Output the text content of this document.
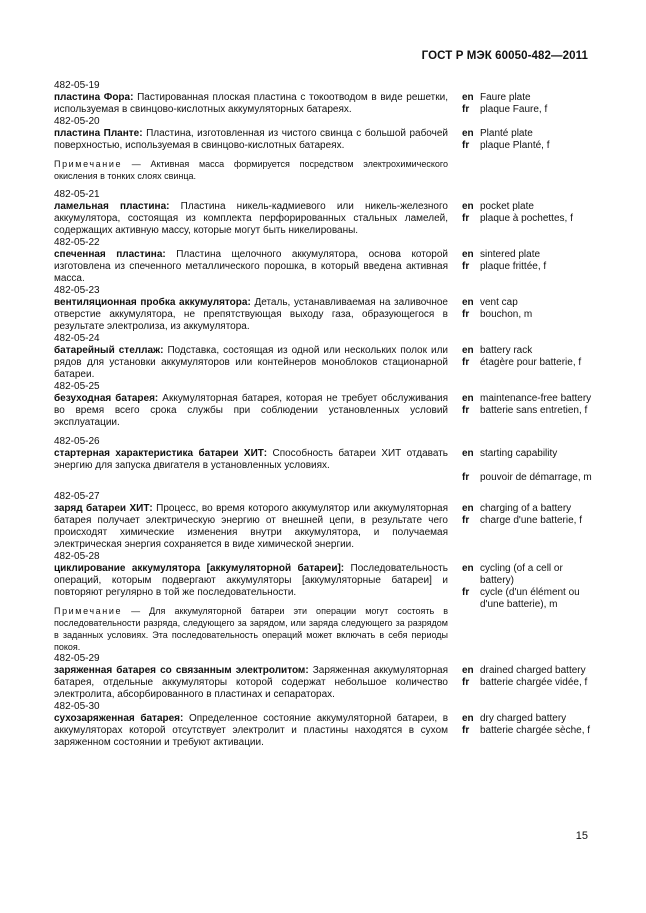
ГОСТ Р МЭК 60050-482—2011
482-05-19
пластина Фора: Пастированная плоская пластина с токоотводом в виде решетки, используемая в свинцово-кислотных аккумуляторных батареях.
en Faure plate
fr	plaque Faure, f
482-05-20
пластина Планте: Пластина, изготовленная из чистого свинца с большой рабочей поверхностью, используемая в свинцово-кислотных батареях.
Примечание — Активная масса формируется посредством электрохимического окисления в тонких слоях свинца.
en Planté plate
fr	plaque Planté, f
482-05-21
ламельная пластина: Пластина никель-кадмиевого или никель-железного аккумулятора, состоящая из комплекта перфорированных стальных ламелей, содержащих активную массу, которые могут быть никелированы.
en pocket plate
fr	plaque à pochettes, f
482-05-22
спеченная пластина: Пластина щелочного аккумулятора, основа которой изготовлена из спеченного металлического порошка, в который введена активная масса.
en sintered plate
fr	plaque frittée, f
482-05-23
вентиляционная пробка аккумулятора: Деталь, устанавливаемая на заливочное отверстие аккумулятора, не препятствующая выходу газа, образующегося в результате электролиза, из аккумулятора.
en vent cap
fr	bouchon, m
482-05-24
батарейный стеллаж: Подставка, состоящая из одной или нескольких полок или рядов для установки аккумуляторов или контейнеров моноблоков стационарной батареи.
en battery rack
fr	étagère pour batterie, f
482-05-25
безуходная батарея: Аккумуляторная батарея, которая не требует обслуживания во время всего срока службы при соблюдении установленных условий эксплуатации.
en maintenance-free battery
fr	batterie sans entretien, f
482-05-26
стартерная характеристика батареи ХИТ: Способность батареи ХИТ отдавать энергию для запуска двигателя в установленных условиях.
en starting capability
fr	pouvoir de démarrage, m
482-05-27
заряд батареи ХИТ: Процесс, во время которого аккумулятор или аккумуляторная батарея получает электрическую энергию от внешней цепи, в результате чего происходят химические изменения внутри аккумулятора, и получаемая электрическая энергия сохраняется в виде химической энергии.
en charging of a battery
fr	charge d'une batterie, f
482-05-28
циклирование аккумулятора [аккумуляторной батареи]: Последовательность операций, которым подвергают аккумуляторы [аккумуляторные батареи] и повторяют регулярно в той же последовательности.
Примечание — Для аккумуляторной батареи эти операции могут состоять в последовательности разряда, следующего за зарядом, или заряда следующего за разрядом в заданных условиях. Эта последовательность операций может включать в себя периоды покоя.
en cycling (of a cell or battery)
fr	cycle (d'un élément ou d'une batterie), m
482-05-29
заряженная батарея со связанным электролитом: Заряженная аккумуляторная батарея, отдельные аккумуляторы которой содержат небольшое количество электролита, абсорбированного в пластинах и сепараторах.
en drained charged battery
fr	batterie chargée vidée, f
482-05-30
сухозаряженная батарея: Определенное состояние аккумуляторной батареи, в аккумуляторах которой отсутствует электролит и пластины находятся в сухом заряженном состоянии и требуют активации.
en dry charged battery
fr	batterie chargée sèche, f
15
